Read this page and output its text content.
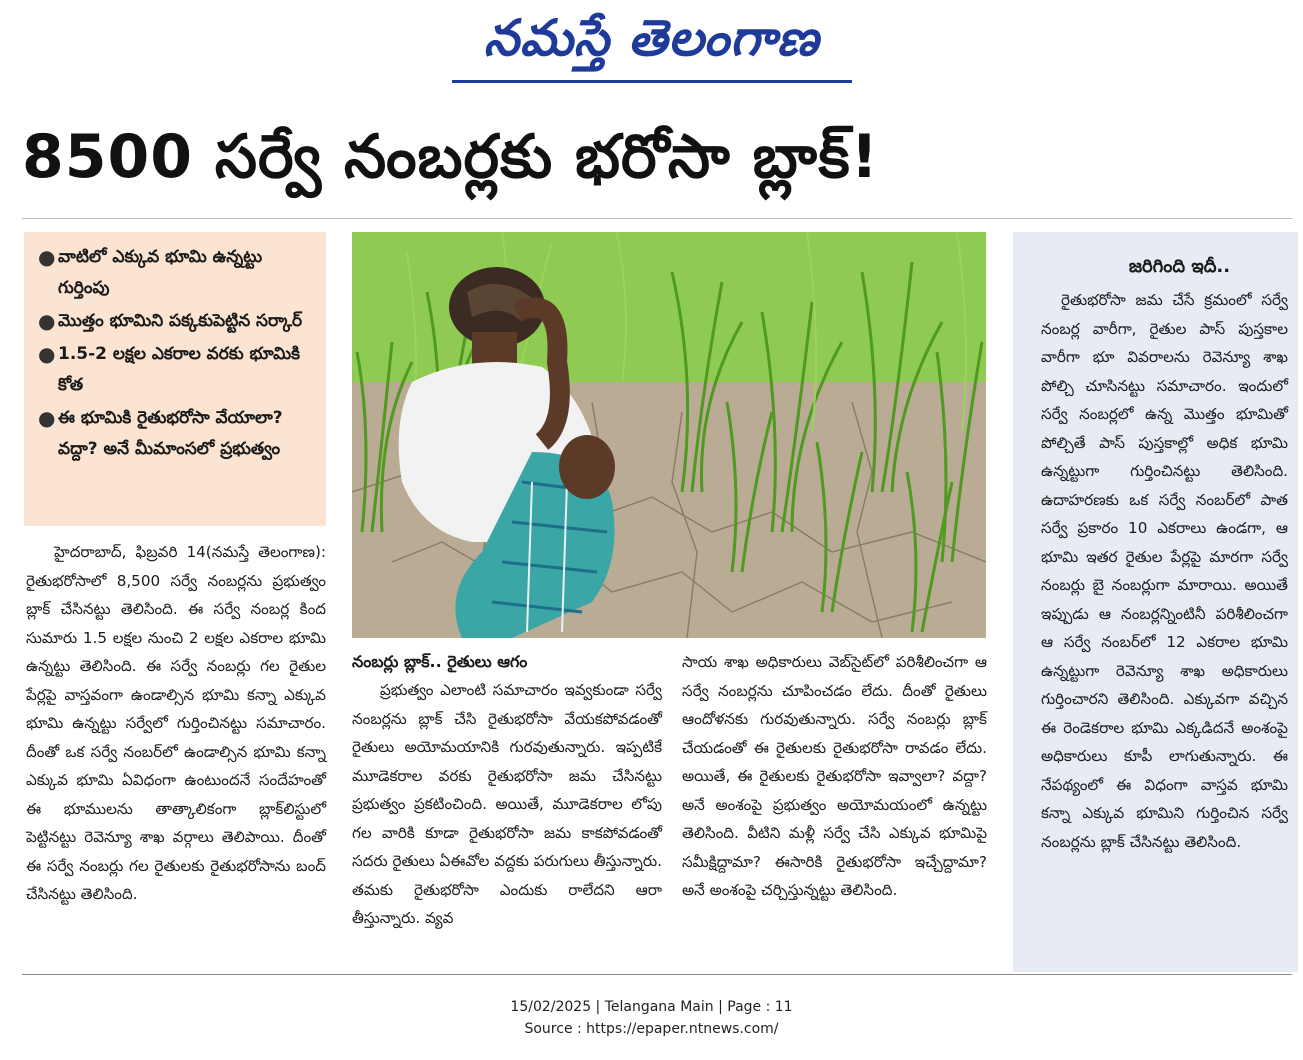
నమస్తే తెలంగాణ
8500 సర్వే నంబర్లకు భరోసా బ్లాక్!
● వాటిలో ఎక్కువ భూమి ఉన్నట్టు గుర్తింపు
● మొత్తం భూమిని పక్కకుపెట్టిన సర్కార్
● 1.5-2 లక్షల ఎకరాల వరకు భూమికి కోత
● ఈ భూమికి రైతుభరోసా వేయాలా? వద్దా? అనే మీమాంసలో ప్రభుత్వం

హైదరాబాద్, ఫిబ్రవరి 14(నమస్తే తెలంగాణ): రైతుభరోసాలో 8,500 సర్వే నంబర్లను ప్రభుత్వం బ్లాక్ చేసినట్టు తెలిసింది. ఈ సర్వే నంబర్ల కింద సుమారు 1.5 లక్షల నుంచి 2 లక్షల ఎకరాల భూమి ఉన్నట్టు తెలిసింది. ఈ సర్వే నంబర్లు గల రైతుల పేర్లపై వాస్తవంగా ఉండాల్సిన భూమి కన్నా ఎక్కువ భూమి ఉన్నట్టు సర్వేలో గుర్తించినట్టు సమాచారం. దీంతో ఒక సర్వే నంబర్‌లో ఉండాల్సిన భూమి కన్నా ఎక్కువ భూమి ఏవిధంగా ఉంటుందనే సందేహంతో ఈ భూములను తాత్కాలికంగా బ్లాక్‌లిస్టులో పెట్టినట్టు రెవెన్యూ శాఖ వర్గాలు తెలిపాయి. దీంతో ఈ సర్వే నంబర్లు గల రైతులకు రైతుభరోసాను బంద్ చేసినట్టు తెలిసింది.

నంబర్లు బ్లాక్.. రైతులు ఆగం

ప్రభుత్వం ఎలాంటి సమాచారం ఇవ్వకుండా సర్వే నంబర్లను బ్లాక్ చేసి రైతుభరోసా వేయకపోవడంతో రైతులు అయోమయానికి గురవుతున్నారు. ఇప్పటికే మూడెకరాల వరకు రైతుభరోసా జమ చేసినట్టు ప్రభుత్వం ప్రకటించింది. అయితే, మూడెకరాల లోపు గల వారికి కూడా రైతుభరోసా జమ కాకపోవడంతో సదరు రైతులు ఏఈవోల వద్దకు పరుగులు తీస్తున్నారు. తమకు రైతుభరోసా ఎందుకు రాలేదని ఆరా తీస్తున్నారు. వ్యవ

సాయ శాఖ అధికారులు వెబ్‌సైట్‌లో పరిశీలించగా ఆ సర్వే నంబర్లను చూపించడం లేదు. దీంతో రైతులు ఆందోళనకు గురవుతున్నారు. సర్వే నంబర్లు బ్లాక్ చేయడంతో ఈ రైతులకు రైతుభరోసా రావడం లేదు. అయితే, ఈ రైతులకు రైతుభరోసా ఇవ్వాలా? వద్దా? అనే అంశంపై ప్రభుత్వం అయోమయంలో ఉన్నట్టు తెలిసింది. వీటిని మళ్లీ సర్వే చేసి ఎక్కువ భూమిపై సమీక్షిద్దామా? ఈసారికి రైతుభరోసా ఇచ్చేద్దామా? అనే అంశంపై చర్చిస్తున్నట్టు తెలిసింది.

జరిగింది ఇదీ..

రైతుభరోసా జమ చేసే క్రమంలో సర్వే నంబర్ల వారీగా, రైతుల పాస్ పుస్తకాల వారీగా భూ వివరాలను రెవెన్యూ శాఖ పోల్చి చూసినట్టు సమాచారం. ఇందులో సర్వే నంబర్లలో ఉన్న మొత్తం భూమితో పోల్చితే పాస్ పుస్తకాల్లో అధిక భూమి ఉన్నట్టుగా గుర్తించినట్టు తెలిసింది. ఉదాహరణకు ఒక సర్వే నంబర్‌లో పాత సర్వే ప్రకారం 10 ఎకరాలు ఉండగా, ఆ భూమి ఇతర రైతుల పేర్లపై మారగా సర్వే నంబర్లు బై నంబర్లుగా మారాయి. అయితే ఇప్పుడు ఆ నంబర్లన్నింటినీ పరిశీలించగా ఆ సర్వే నంబర్‌లో 12 ఎకరాల భూమి ఉన్నట్టుగా రెవెన్యూ శాఖ అధికారులు గుర్తించారని తెలిసింది. ఎక్కువగా వచ్చిన ఈ రెండెకరాల భూమి ఎక్కడిదనే అంశంపై అధికారులు కూపీ లాగుతున్నారు. ఈ నేపథ్యంలో ఈ విధంగా వాస్తవ భూమి కన్నా ఎక్కువ భూమిని గుర్తించిన సర్వే నంబర్లను బ్లాక్ చేసినట్టు తెలిసింది.

15/02/2025 | Telangana Main | Page : 11
Source : https://epaper.ntnews.com/
